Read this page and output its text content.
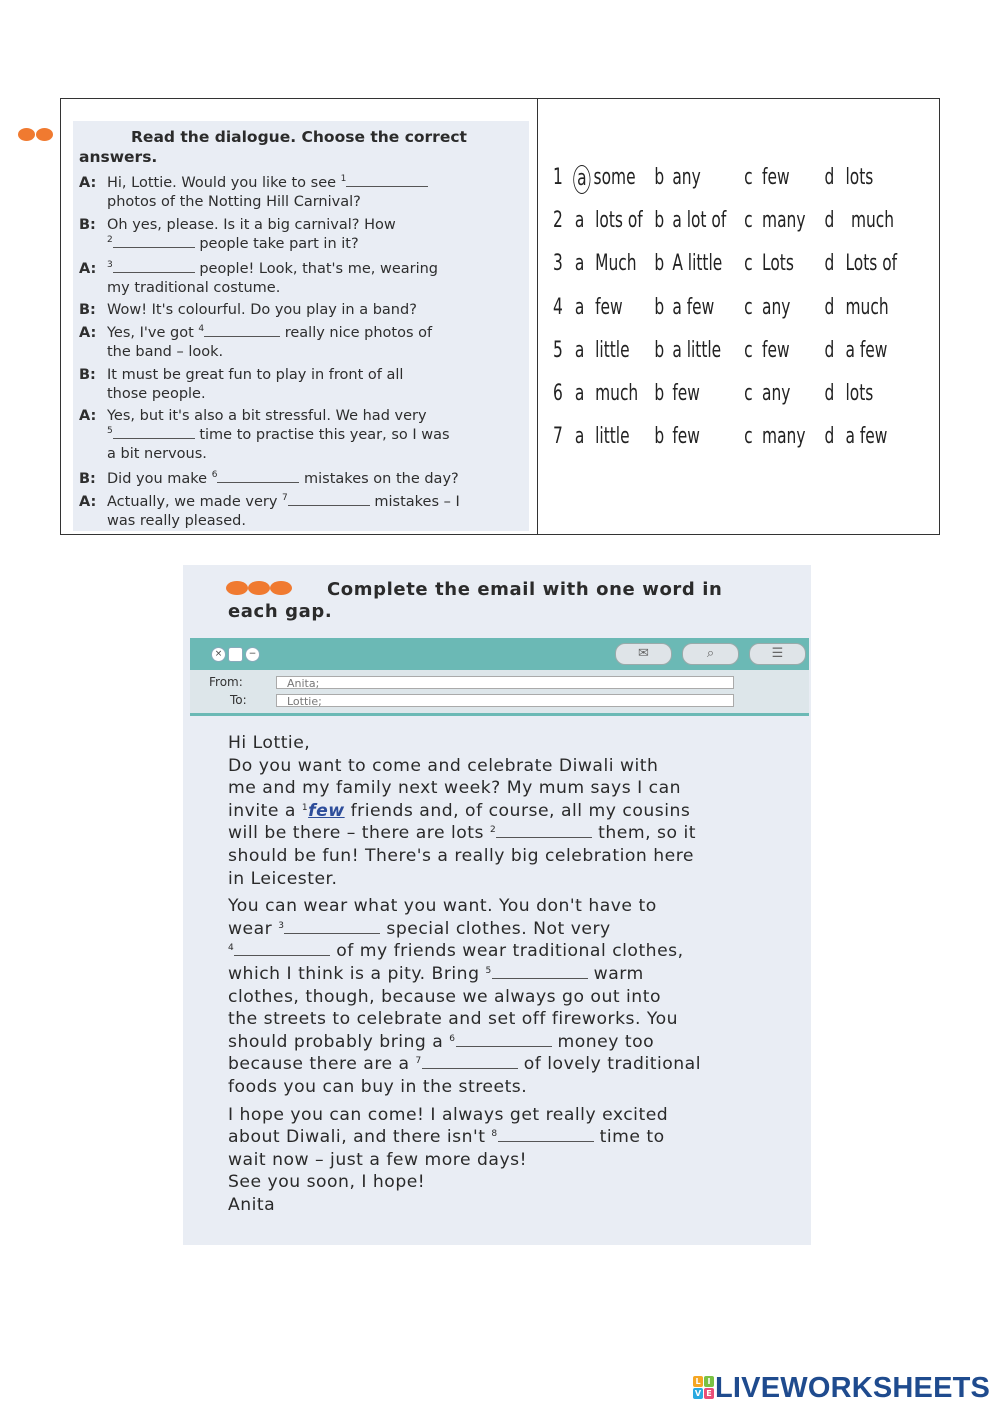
Read the dialogue. Choose the correct
answers.
A: Hi, Lottie. Would you like to see $^1$
photos of the Notting Hill Carnival?
B: Oh yes, please. Is it a big carnival? How
$^2$	people take part in it?
A: $^3$	people! Look, that's me, wearing
my traditional costume.
B: Wow! It's colourful. Do you play in a band?
A: Yes, I've got $^4$	really nice photos of
the band – look.
B: It must be great fun to play in front of all
those people.
A: Yes, but it's also a bit stressful. We had very
$^5$	time to practise this year, so I was
a bit nervous.
B: Did you make $^6$	mistakes on the day?
A: Actually, we made very $^7$	mistakes – I
was really pleased.
1 a some b any c few d lots
2 a lots of b a lot of c many d much
3 a Much b A little c Lots d Lots of
4 a few b a few c any d much
5 a little b a little c few d a few
6 a much b few c any d lots
7 a little b few c many d a few
Complete the email with one word in
each gap.
×	−	✉	⌕	☰
From:	Anita;
To:	Lottie;

Hi Lottie,
Do you want to come and celebrate Diwali with
me and my family next week? My mum says I can
invite a $^1$few friends and, of course, all my cousins
will be there – there are lots $^2$	them, so it
should be fun! There's a really big celebration here
in Leicester.

You can wear what you want. You don't have to
wear $^3$	special clothes. Not very
$^4$	of my friends wear traditional clothes,
which I think is a pity. Bring $^5$	warm
clothes, though, because we always go out into
the streets to celebrate and set off fireworks. You
should probably bring a $^6$	money too
because there are a $^7$	of lovely traditional
foods you can buy in the streets.

I hope you can come! I always get really excited
about Diwali, and there isn't $^8$	time to
wait now – just a few more days!
See you soon, I hope!
Anita

L I
V E LIVEWORKSHEETS
